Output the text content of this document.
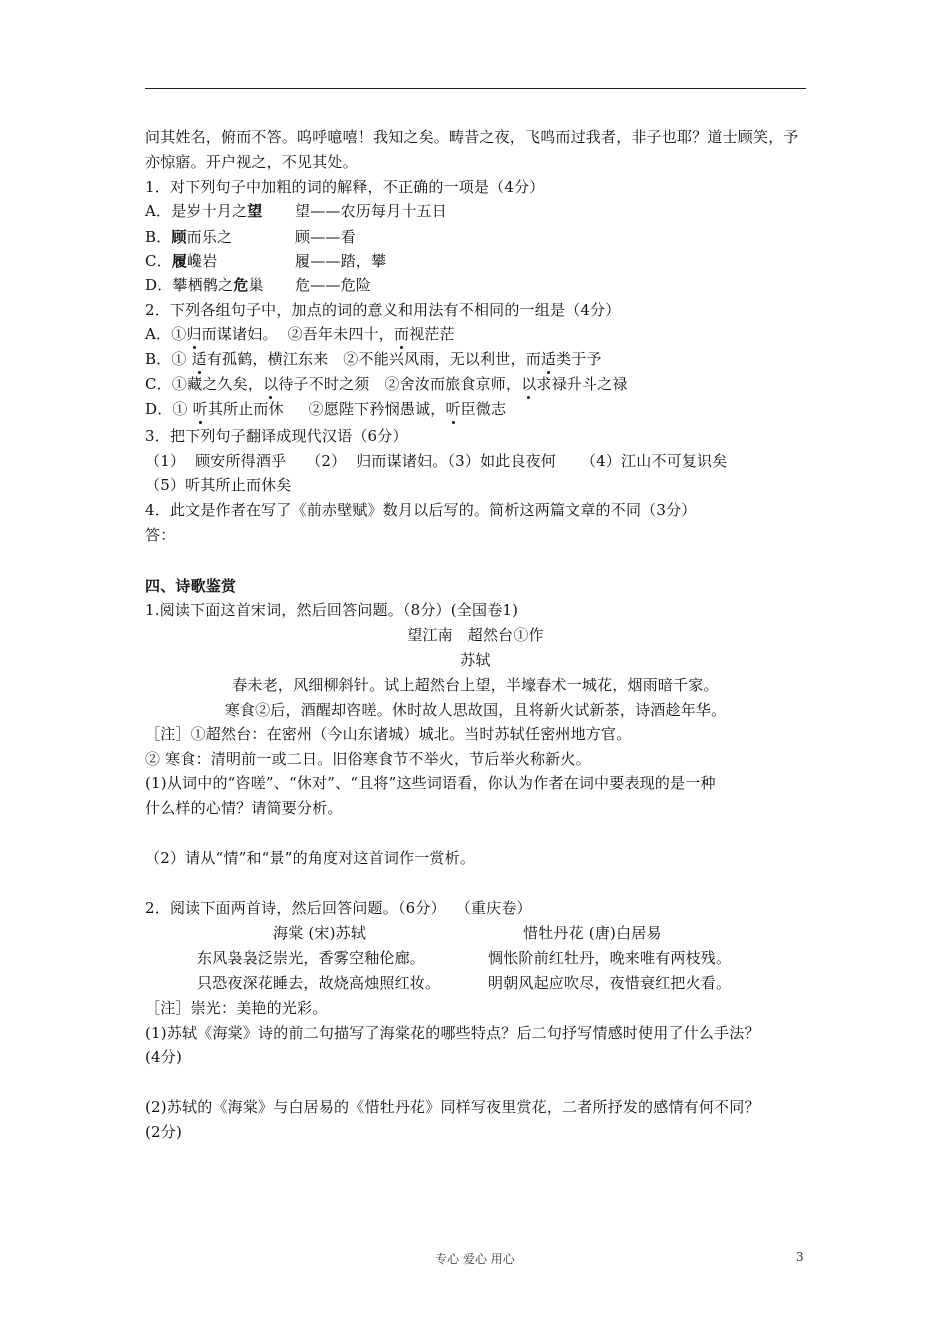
问其姓名，俯而不答。呜呼噫嘻！我知之矣。畴昔之夜，飞鸣而过我者，非子也耶？道士顾笑，予
亦惊寤。开户视之，不见其处。
1．对下列句子中加粗的词的解释，不正确的一项是（4分）
A．是岁十月之望 望——农历每月十五日
B．顾而乐之	顾——看
C．履巉岩	履——踏，攀
D．攀栖鹘之危巢 危——危险
2．下列各组句子中，加点的词的意义和用法有不相同的一组是（4分）
A．①归而谋诸妇。  ②吾年未四十，而视茫茫
B．① 适有孤鹤，横江东来   ②不能兴风雨，无以利世，而适类于予
C．①藏之久矣，以待子不时之须   ②舍汝而旅食京师，以求禄升斗之禄
D．① 听其所止而休     ②愿陛下矜悯愚诚，听臣微志
3．把下列句子翻译成现代汉语（6分）
（1）  顾安所得酒乎    （2）  归而谋诸妇。（3）如此良夜何     （4）江山不可复识矣
（5）听其所止而休矣
4．此文是作者在写了《前赤壁赋》数月以后写的。简析这两篇文章的不同（3分）
答：
四、诗歌鉴赏
1.阅读下面这首宋词，然后回答问题。（8分）(全国卷1)
望江南   超然台①作
苏轼
春未老，风细柳斜针。试上超然台上望，半壕春术一城花，烟雨暗千家。
寒食②后，酒醒却咨嗟。休时故人思故国，且将新火试新茶，诗酒趁年华。
［注］①超然台：在密州（今山东诸城）城北。当时苏轼任密州地方官。
② 寒食：清明前一或二日。旧俗寒食节不举火，节后举火称新火。
(1)从词中的“咨嗟”、“休对”、“且将”这些词语看，你认为作者在词中要表现的是一种
什么样的心情？请简要分析。
（2）请从“情”和“景”的角度对这首词作一赏析。
2．阅读下面两首诗，然后回答问题。（6分）  （重庆卷）
海棠 (宋)苏轼	惜牡丹花 (唐)白居易
东风袅袅泛崇光，香雾空釉伦廊。	惆怅阶前红牡丹，晚来唯有两枝残。
只恐夜深花睡去，故烧高烛照红妆。	明朝风起应吹尽，夜惜衰红把火看。
［注］崇光：美艳的光彩。
(1)苏轼《海棠》诗的前二句描写了海棠花的哪些特点？后二句抒写情感时使用了什么手法？
(4分)
(2)苏轼的《海棠》与白居易的《惜牡丹花》同样写夜里赏花，二者所抒发的感情有何不同？
(2分)
专心 爱心 用心	3
